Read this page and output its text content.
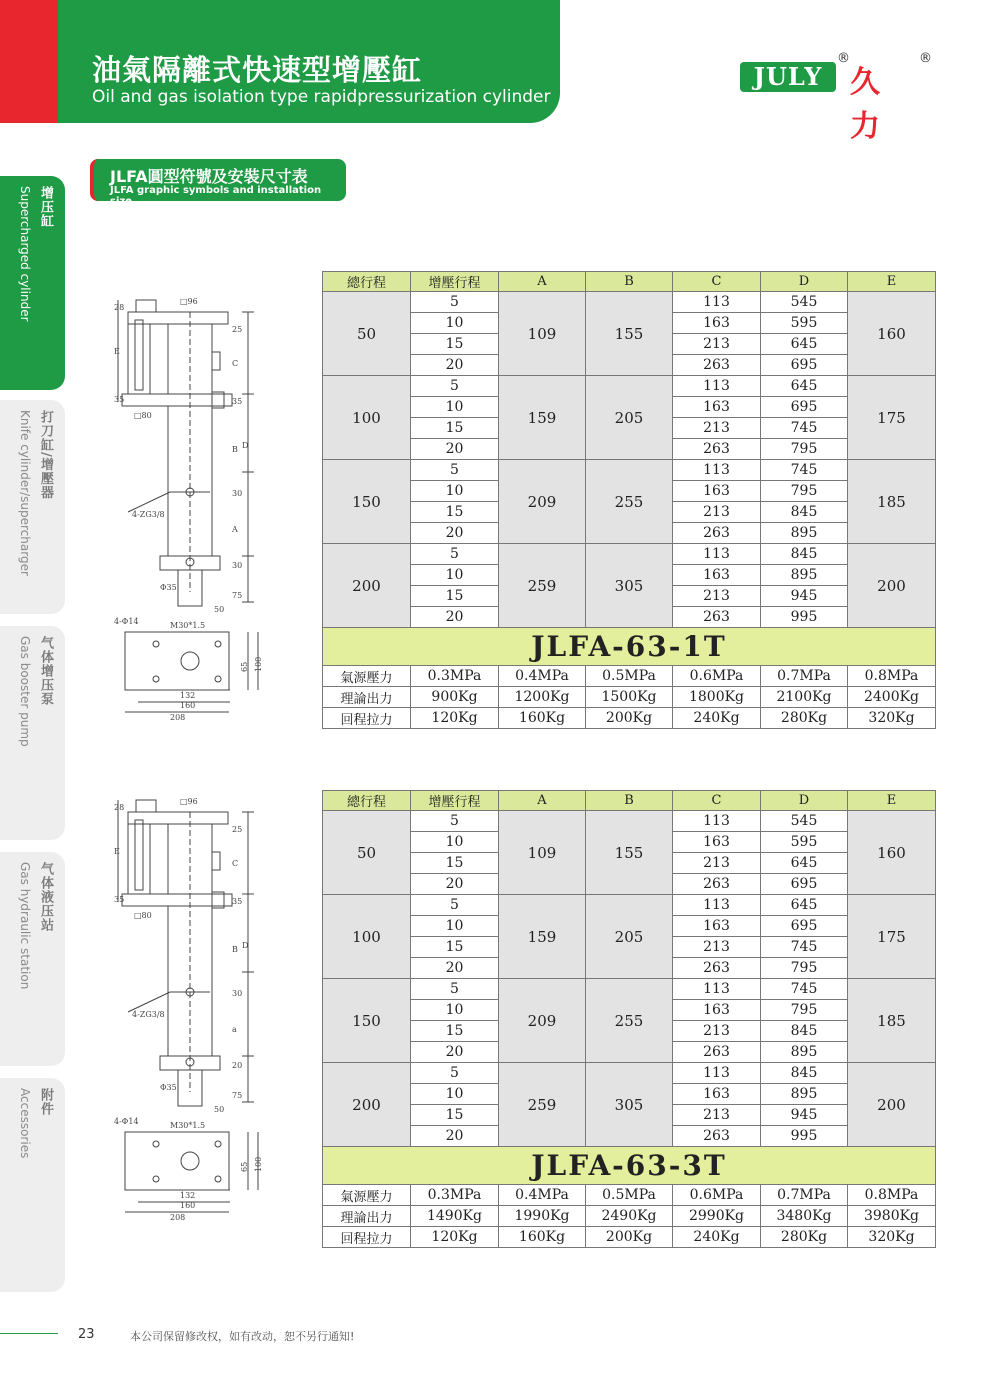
油氣隔離式快速型增壓缸
Oil and gas isolation type rapidpressurization cylinder
JULY
®
久力
®
JLFA圓型符號及安裝尺寸表
JLFA graphic symbols and installation size
增压缸
Supercharged cylinder
打刀缸/增壓器
Knife cylinder/supercharger
气体增压泵
Gas booster pump
气体液压站
Gas hydraulic station
附件
Accessories
□96
□80
4-ZG3/8
Φ35
M30*1.5
4-Φ14
132
160
208
65 100
28
E
35
25
C
35
B D
30
A
30
75
50
□96
□80
4-ZG3/8
Φ35
M30*1.5
4-Φ14
132
160
208
65 100
28
E
35
25
C
35
B D
30
a
20
75
50
總行程	增壓行程	A	B	C	D	E
50	5	109	155	113	545	160
	10			163	595	
	15			213	645	
	20			263	695	
100	5	159	205	113	645	175
	10			163	695	
	15			213	745	
	20			263	795	
150	5	209	255	113	745	185
	10			163	795	
	15			213	845	
	20			263	895	
200	5	259	305	113	845	200
	10			163	895	
	15			213	945	
	20			263	995	
JLFA-63-1T						
氣源壓力	0.3MPa	0.4MPa	0.5MPa	0.6MPa	0.7MPa	0.8MPa
理論出力	900Kg	1200Kg	1500Kg	1800Kg	2100Kg	2400Kg
回程拉力	120Kg	160Kg	200Kg	240Kg	280Kg	320Kg
總行程	增壓行程	A	B	C	D	E
50	5	109	155	113	545	160
	10			163	595	
	15			213	645	
	20			263	695	
100	5	159	205	113	645	175
	10			163	695	
	15			213	745	
	20			263	795	
150	5	209	255	113	745	185
	10			163	795	
	15			213	845	
	20			263	895	
200	5	259	305	113	845	200
	10			163	895	
	15			213	945	
	20			263	995	
JLFA-63-3T						
氣源壓力	0.3MPa	0.4MPa	0.5MPa	0.6MPa	0.7MPa	0.8MPa
理論出力	1490Kg	1990Kg	2490Kg	2990Kg	3480Kg	3980Kg
回程拉力	120Kg	160Kg	200Kg	240Kg	280Kg	320Kg
23	本公司保留修改权，如有改动，恕不另行通知!
